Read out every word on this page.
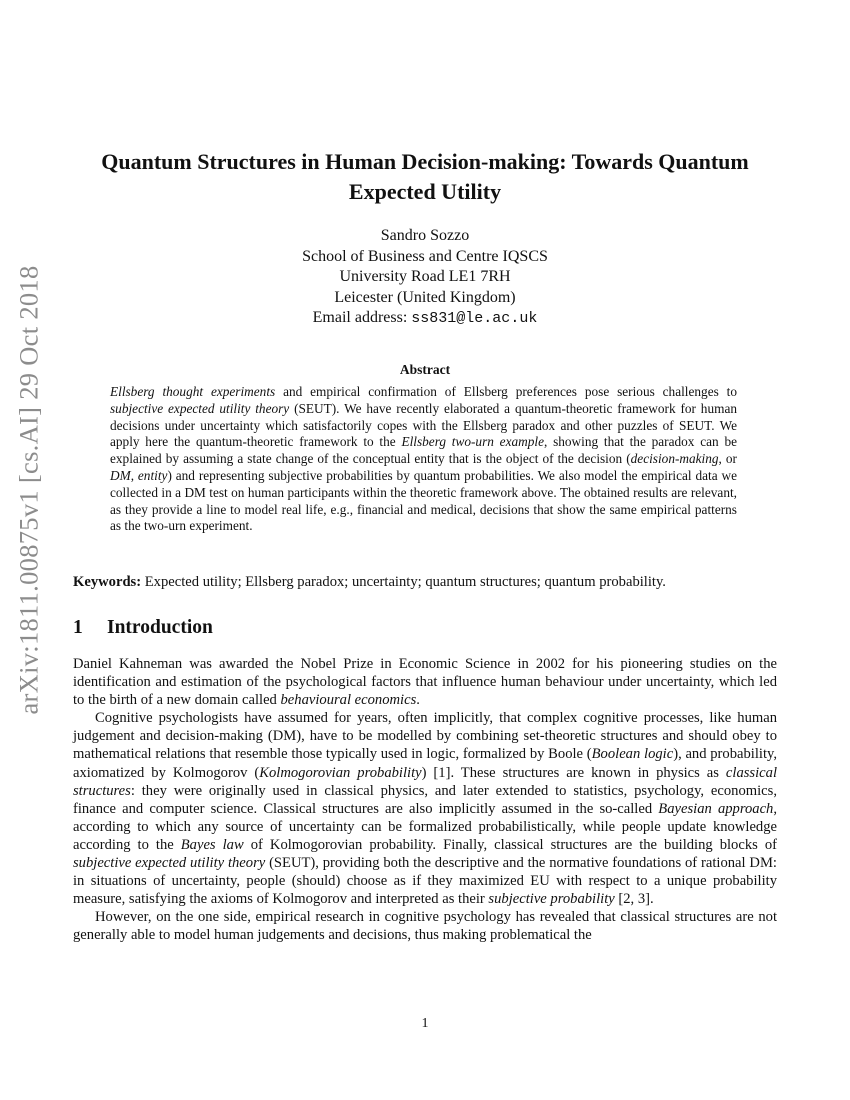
arXiv:1811.00875v1 [cs.AI] 29 Oct 2018
Quantum Structures in Human Decision-making: Towards Quantum Expected Utility
Sandro Sozzo
School of Business and Centre IQSCS
University Road LE1 7RH
Leicester (United Kingdom)
Email address: ss831@le.ac.uk
Abstract

Ellsberg thought experiments and empirical confirmation of Ellsberg preferences pose serious challenges to subjective expected utility theory (SEUT). We have recently elaborated a quantum-theoretic framework for human decisions under uncertainty which satisfactorily copes with the Ellsberg paradox and other puzzles of SEUT. We apply here the quantum-theoretic framework to the Ellsberg two-urn example, showing that the paradox can be explained by assuming a state change of the conceptual entity that is the object of the decision (decision-making, or DM, entity) and representing subjective probabilities by quantum probabilities. We also model the empirical data we collected in a DM test on human participants within the theoretic framework above. The obtained results are relevant, as they provide a line to model real life, e.g., financial and medical, decisions that show the same empirical patterns as the two-urn experiment.

Keywords: Expected utility; Ellsberg paradox; uncertainty; quantum structures; quantum probability.

1 Introduction

Daniel Kahneman was awarded the Nobel Prize in Economic Science in 2002 for his pioneering studies on the identification and estimation of the psychological factors that influence human behaviour under uncertainty, which led to the birth of a new domain called behavioural economics.

Cognitive psychologists have assumed for years, often implicitly, that complex cognitive processes, like human judgement and decision-making (DM), have to be modelled by combining set-theoretic structures and should obey to mathematical relations that resemble those typically used in logic, formalized by Boole (Boolean logic), and probability, axiomatized by Kolmogorov (Kolmogorovian probability) [1]. These structures are known in physics as classical structures: they were originally used in classical physics, and later extended to statistics, psychology, economics, finance and computer science. Classical structures are also implicitly assumed in the so-called Bayesian approach, according to which any source of uncertainty can be formalized probabilistically, while people update knowledge according to the Bayes law of Kolmogorovian probability. Finally, classical structures are the building blocks of subjective expected utility theory (SEUT), providing both the descriptive and the normative foundations of rational DM: in situations of uncertainty, people (should) choose as if they maximized EU with respect to a unique probability measure, satisfying the axioms of Kolmogorov and interpreted as their subjective probability [2, 3].

However, on the one side, empirical research in cognitive psychology has revealed that classical structures are not generally able to model human judgements and decisions, thus making problematical the

1
